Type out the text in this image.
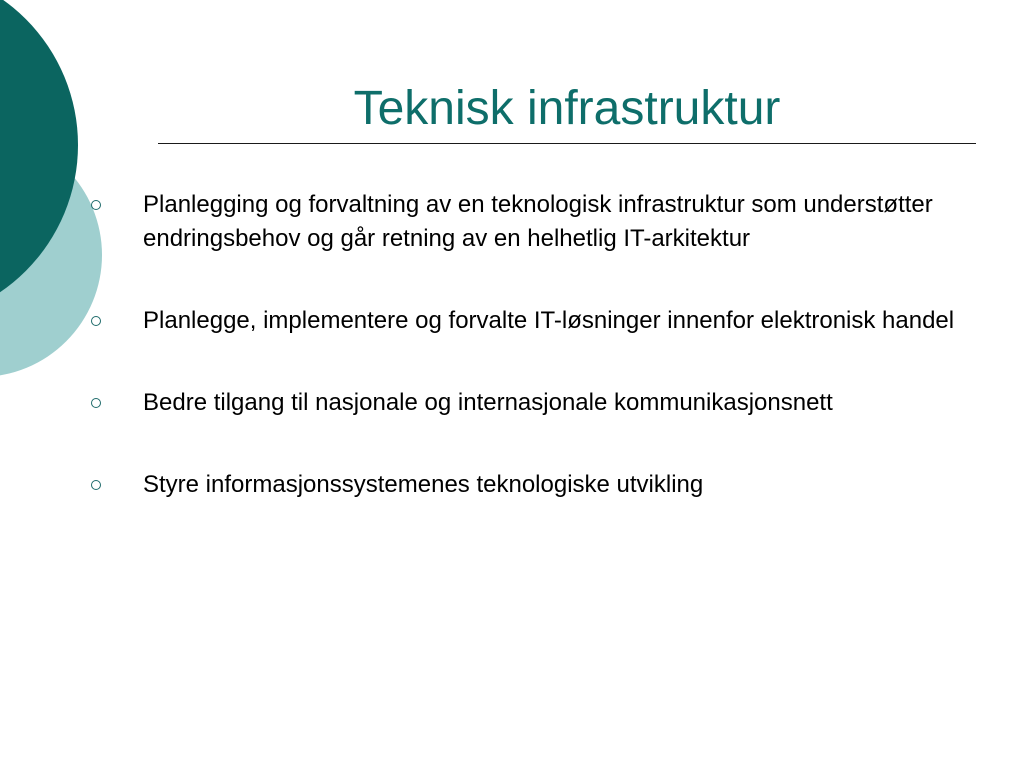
Teknisk infrastruktur
Planlegging og forvaltning av en teknologisk infrastruktur som understøtter endringsbehov og går retning av en helhetlig IT-arkitektur
Planlegge, implementere og forvalte IT-løsninger innenfor elektronisk handel
Bedre tilgang til nasjonale og internasjonale kommunikasjonsnett
Styre informasjonssystemenes teknologiske utvikling
